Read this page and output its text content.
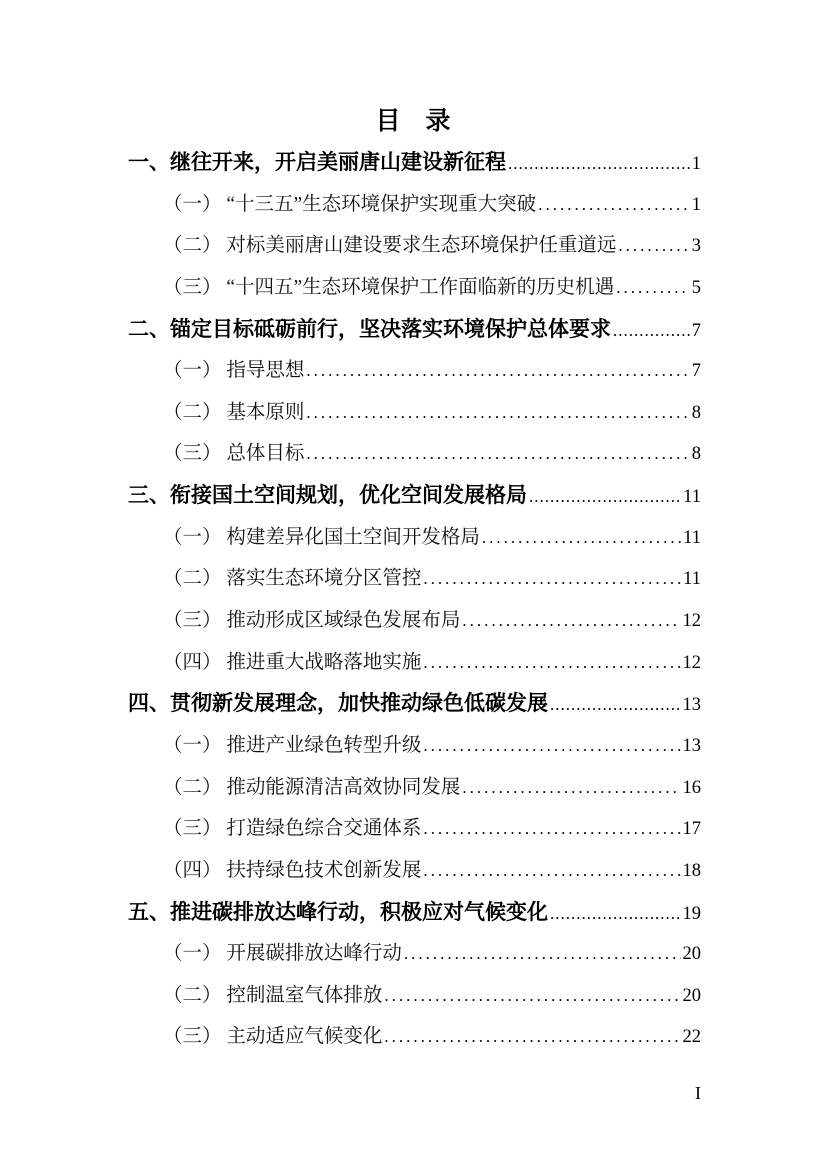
目　录
一、继往开来，开启美丽唐山建设新征程 .....	1
（一） “十三五”生态环境保护实现重大突破 .....	1
（二） 对标美丽唐山建设要求生态环境保护任重道远 .....	3
（三） “十四五”生态环境保护工作面临新的历史机遇 .....	5
二、锚定目标砥砺前行，坚决落实环境保护总体要求 .....	7
（一） 指导思想 .....	7
（二） 基本原则 .....	8
（三） 总体目标 .....	8
三、衔接国土空间规划，优化空间发展格局 .....	11
（一） 构建差异化国土空间开发格局 .....	11
（二） 落实生态环境分区管控 .....	11
（三） 推动形成区域绿色发展布局 .....	12
（四） 推进重大战略落地实施 .....	12
四、贯彻新发展理念，加快推动绿色低碳发展 .....	13
（一） 推进产业绿色转型升级 .....	13
（二） 推动能源清洁高效协同发展 .....	16
（三） 打造绿色综合交通体系 .....	17
（四） 扶持绿色技术创新发展 .....	18
五、推进碳排放达峰行动，积极应对气候变化 .....	19
（一） 开展碳排放达峰行动 .....	20
（二） 控制温室气体排放 .....	20
（三） 主动适应气候变化 .....	22
I
